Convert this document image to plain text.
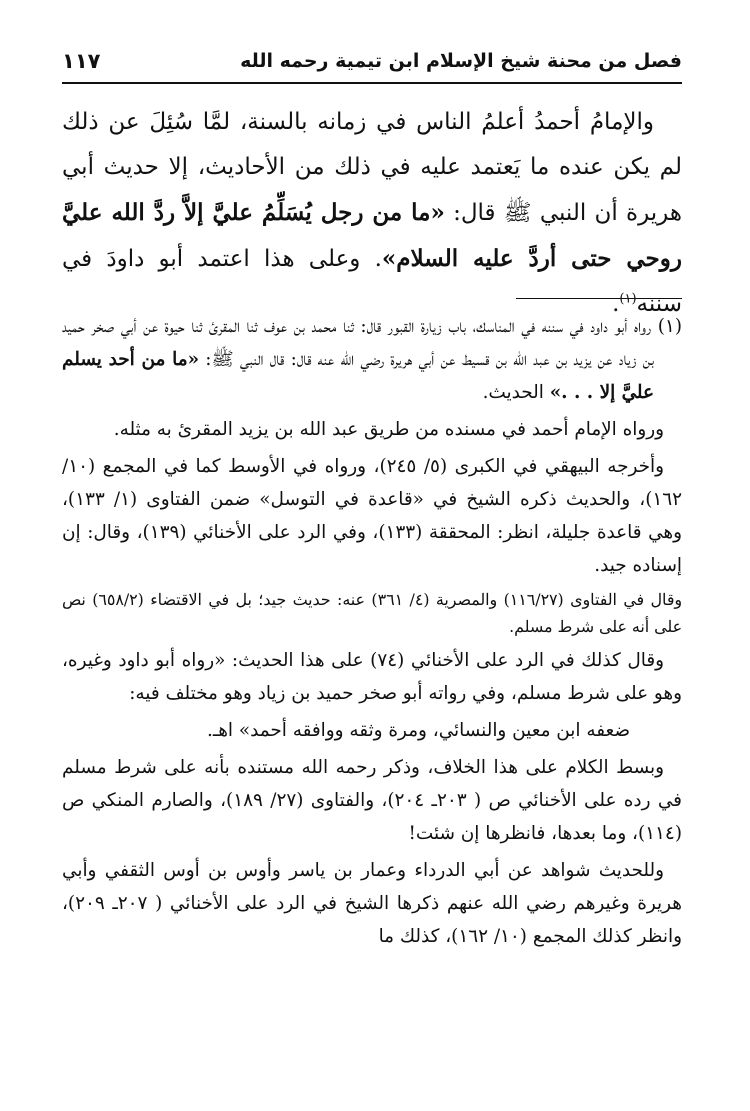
فصل من محنة شيخ الإسلام ابن تيمية رحمه الله
١١٧

والإمامُ أحمدُ أعلمُ الناس في زمانه بالسنة، لمَّا سُئِلَ عن ذلك لم يكن عنده ما يَعتمد عليه في ذلك من الأحاديث، إلا حديث أبي هريرة أن النبي ﷺ قال: «ما من رجل يُسَلِّمُ عليَّ إلاَّ ردَّ الله عليَّ روحي حتى أردَّ عليه السلام». وعلى هذا اعتمد أبو داودَ في سننه$^{(١)}$.

(١) رواه أبو داود في سننه في المناسك، باب زيارة القبور قال: ثنا محمد بن عوف ثنا المقرئ ثنا حيوة عن أبي صخر حميد بن زياد عن يزيد بن عبد الله بن قسيط عن أبي هريرة رضي الله عنه قال: قال النبي ﷺ: «ما من أحد يسلم عليَّ إلا . . .» الحديث.

ورواه الإمام أحمد في مسنده من طريق عبد الله بن يزيد المقرئ به مثله.

وأخرجه البيهقي في الكبرى (٥/ ٢٤٥)، ورواه في الأوسط كما في المجمع (١٠/ ١٦٢)، والحديث ذكره الشيخ في «قاعدة في التوسل» ضمن الفتاوى (١/ ١٣٣)، وهي قاعدة جليلة، انظر: المحققة (١٣٣)، وفي الرد على الأخنائي (١٣٩)، وقال: إن إسناده جيد.

وقال في الفتاوى (١١٦/٢٧) والمصرية (٤/ ٣٦١) عنه: حديث جيد؛ بل في الاقتضاء (٦٥٨/٢) نص على أنه على شرط مسلم.

وقال كذلك في الرد على الأخنائي (٧٤) على هذا الحديث: «رواه أبو داود وغيره، وهو على شرط مسلم، وفي رواته أبو صخر حميد بن زياد وهو مختلف فيه:

ضعفه ابن معين والنسائي، ومرة وثقه ووافقه أحمد» اهـ.

وبسط الكلام على هذا الخلاف، وذكر رحمه الله مستنده بأنه على شرط مسلم في رده على الأخنائي ص ( ٢٠٣ـ ٢٠٤)، والفتاوى (٢٧/ ١٨٩)، والصارم المنكي ص (١١٤)، وما بعدها، فانظرها إن شئت!

وللحديث شواهد عن أبي الدرداء وعمار بن ياسر وأوس بن أوس الثقفي وأبي هريرة وغيرهم رضي الله عنهم ذكرها الشيخ في الرد على الأخنائي ( ٢٠٧ـ ٢٠٩)، وانظر كذلك المجمع (١٠/ ١٦٢)، كذلك ما
